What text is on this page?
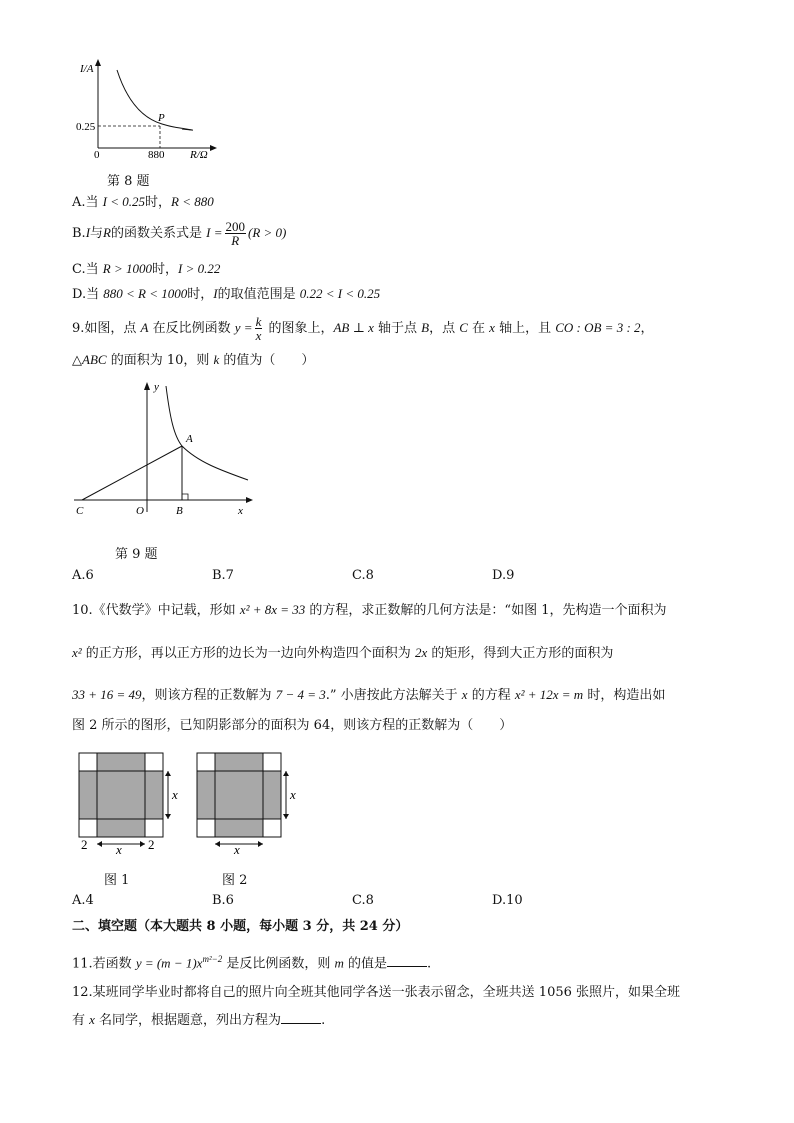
I/A
R/Ω
0
0.25
880
P
第 8 题
A.当 I < 0.25时，R < 880
B.I与R的函数关系式是 $I = \frac{200}{R} (R > 0)$
C.当 R > 1000时，I > 0.22
D.当 880 < R < 1000时，I的取值范围是 0.22 < I < 0.25
9.如图，点 A 在反比例函数 $y = \frac{k}{x}$ 的图象上，AB ⊥ x 轴于点 B，点 C 在 x 轴上，且 CO : OB = 3 : 2，
△ABC 的面积为 10，则 k 的值为（　　）
y
x
A
B
C	O
第 9 题
A.6	B.7	C.8	D.9
10.《代数学》中记载，形如 x² + 8x = 33 的方程，求正数解的几何方法是：“如图 1，先构造一个面积为
x² 的正方形，再以正方形的边长为一边向外构造四个面积为 2x 的矩形，得到大正方形的面积为
33 + 16 = 49，则该方程的正数解为 7 − 4 = 3.” 小唐按此方法解关于 x 的方程 x² + 12x = m 时，构造出如
图 2 所示的图形，已知阴影部分的面积为 64，则该方程的正数解为（　　）
x
x
2	2
图 1
x
x
图 2
A.4	B.6	C.8	D.10
二、填空题（本大题共 8 小题，每小题 3 分，共 24 分）
11.若函数 $y = (m - 1)x^{m^2-2}$ 是反比例函数，则 m 的值是	.
12.某班同学毕业时都将自己的照片向全班其他同学各送一张表示留念，全班共送 1056 张照片，如果全班
有 x 名同学，根据题意，列出方程为	.
